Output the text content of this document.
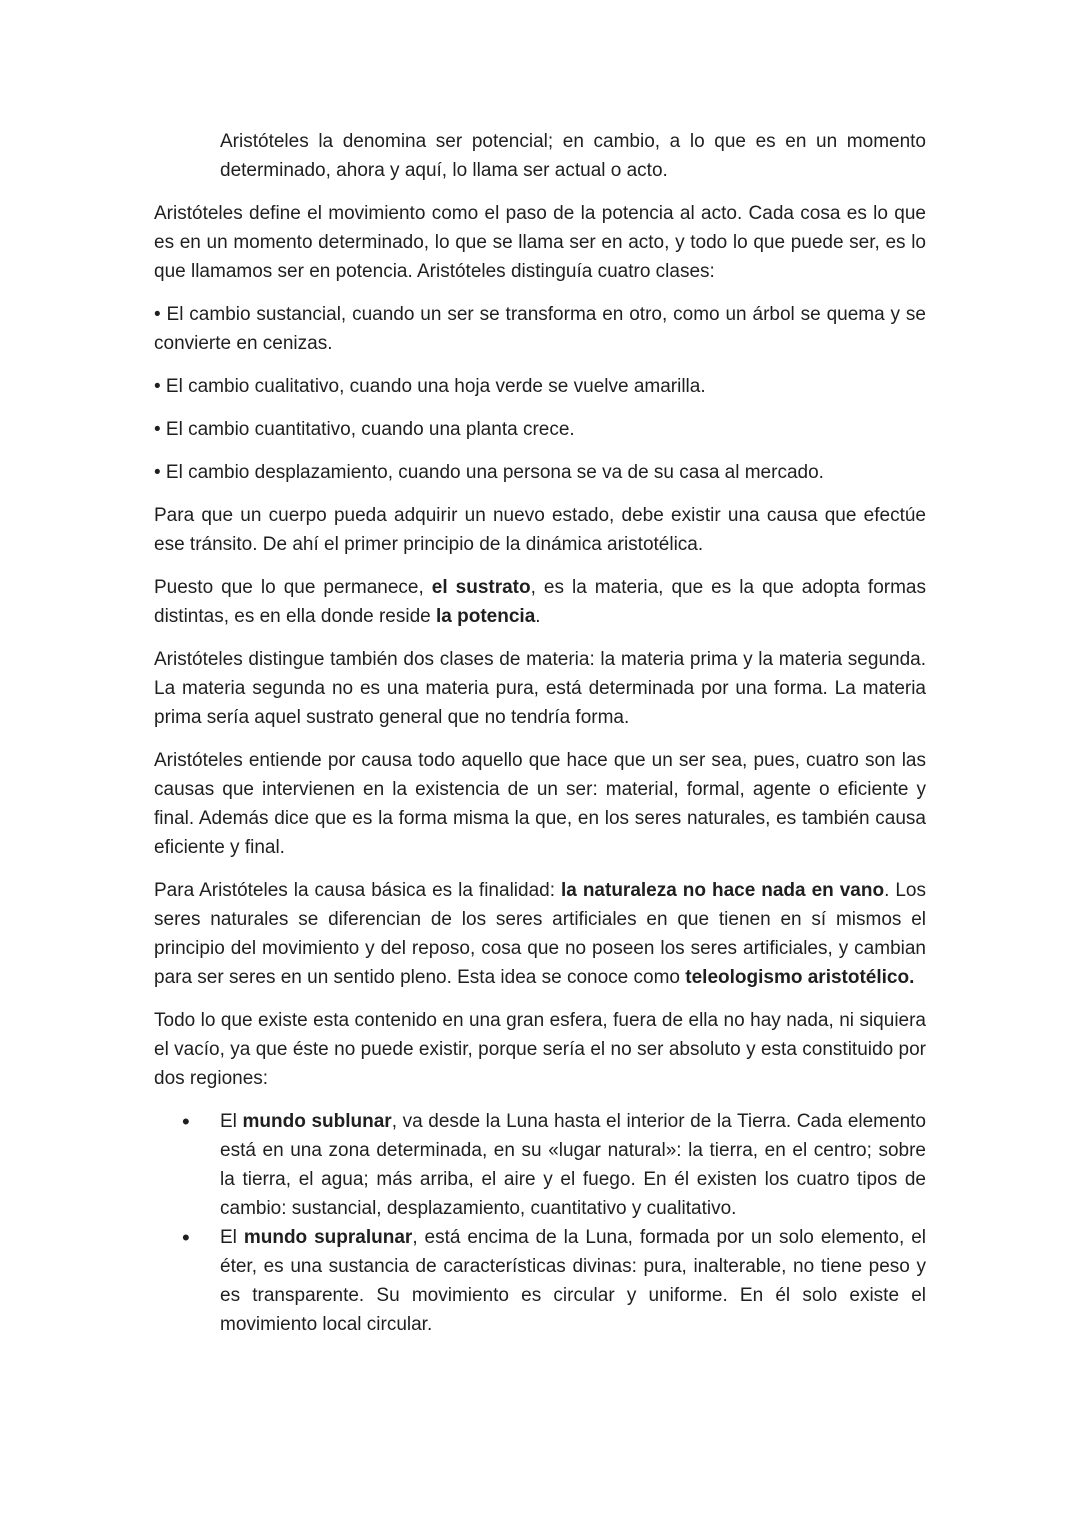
Aristóteles la denomina ser potencial; en cambio, a lo que es en un momento determinado, ahora y aquí, lo llama ser actual o acto.

Aristóteles define el movimiento como el paso de la potencia al acto. Cada cosa es lo que es en un momento determinado, lo que se llama ser en acto, y todo lo que puede ser, es lo que llamamos ser en potencia. Aristóteles distinguía cuatro clases:

• El cambio sustancial, cuando un ser se transforma en otro, como un árbol se quema y se convierte en cenizas.

• El cambio cualitativo, cuando una hoja verde se vuelve amarilla.

• El cambio cuantitativo, cuando una planta crece.

• El cambio desplazamiento, cuando una persona se va de su casa al mercado.

Para que un cuerpo pueda adquirir un nuevo estado, debe existir una causa que efectúe ese tránsito. De ahí el primer principio de la dinámica aristotélica.

Puesto que lo que permanece, el sustrato, es la materia, que es la que adopta formas distintas, es en ella donde reside la potencia.

Aristóteles distingue también dos clases de materia: la materia prima y la materia segunda. La materia segunda no es una materia pura, está determinada por una forma. La materia prima sería aquel sustrato general que no tendría forma.

Aristóteles entiende por causa todo aquello que hace que un ser sea, pues, cuatro son las causas que intervienen en la existencia de un ser: material, formal, agente o eficiente y final. Además dice que es la forma misma la que, en los seres naturales, es también causa eficiente y final.

Para Aristóteles la causa básica es la finalidad: la naturaleza no hace nada en vano. Los seres naturales se diferencian de los seres artificiales en que tienen en sí mismos el principio del movimiento y del reposo, cosa que no poseen los seres artificiales, y cambian para ser seres en un sentido pleno. Esta idea se conoce como teleologismo aristotélico.

Todo lo que existe esta contenido en una gran esfera, fuera de ella no hay nada, ni siquiera el vacío, ya que éste no puede existir, porque sería el no ser absoluto y esta constituido por dos regiones:

• El mundo sublunar, va desde la Luna hasta el interior de la Tierra. Cada elemento está en una zona determinada, en su «lugar natural»: la tierra, en el centro; sobre la tierra, el agua; más arriba, el aire y el fuego. En él existen los cuatro tipos de cambio: sustancial, desplazamiento, cuantitativo y cualitativo.
• El mundo supralunar, está encima de la Luna, formada por un solo elemento, el éter, es una sustancia de características divinas: pura, inalterable, no tiene peso y es transparente. Su movimiento es circular y uniforme. En él solo existe el movimiento local circular.
